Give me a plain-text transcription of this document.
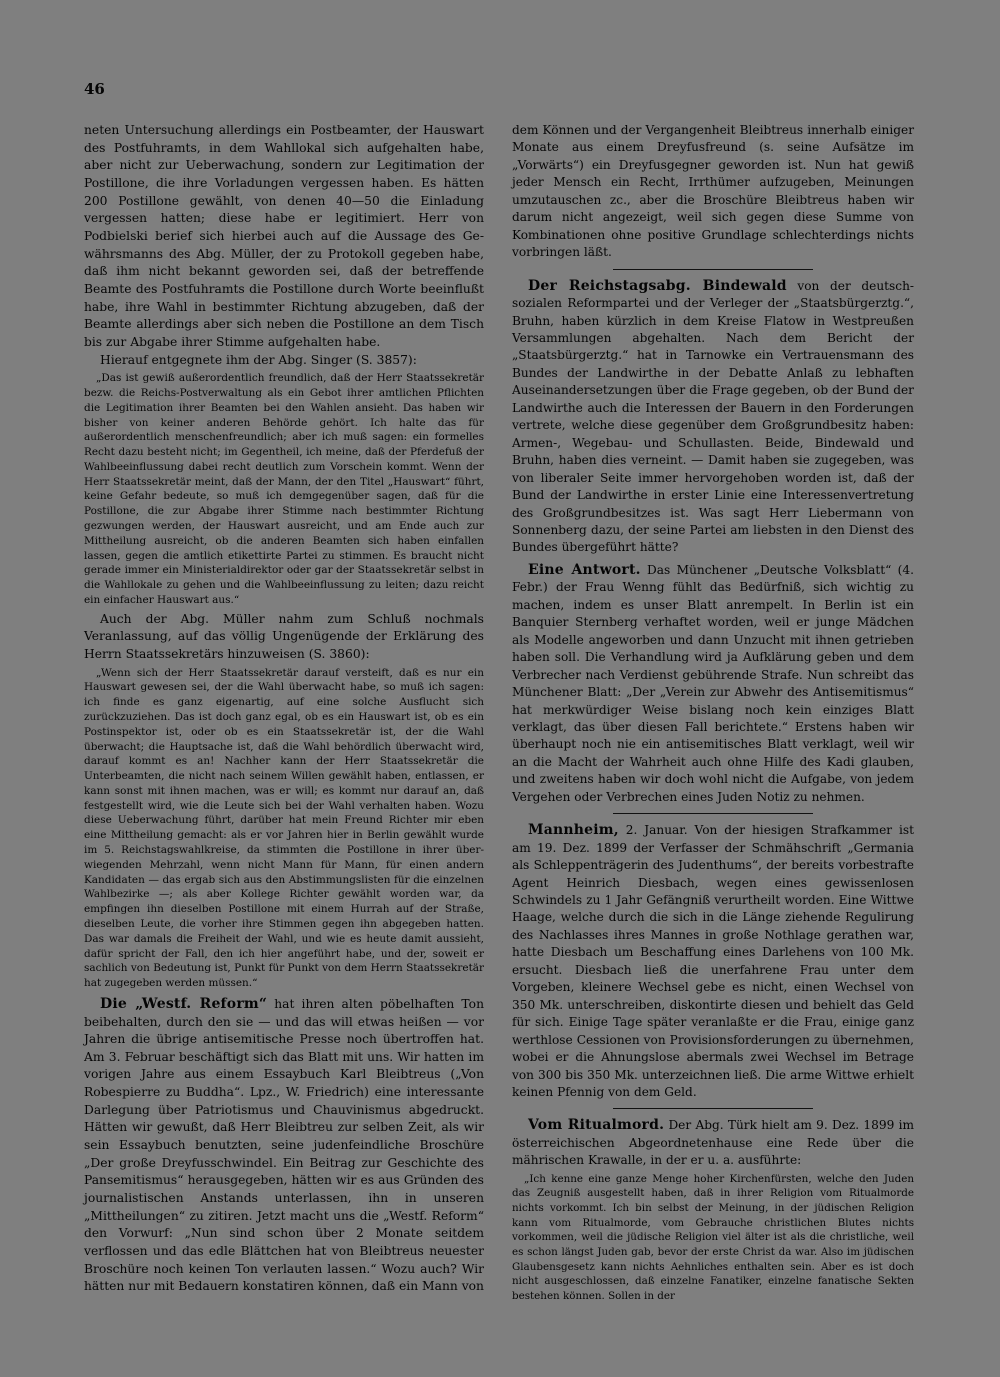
46

neten Untersuchung allerdings ein Postbeamter, der Hauswart des Postfuhramts, in dem Wahllokal sich aufgehalten habe, aber nicht zur Ueberwachung, sondern zur Legitimation der Postillone, die ihre Vorladungen vergessen haben. Es hätten 200 Postillone gewählt, von denen 40—50 die Einladung vergessen hatten; diese habe er legitimiert. Herr von Podbielski berief sich hierbei auch auf die Aussage des Gewährsmanns des Abg. Müller, der zu Protokoll gegeben habe, daß ihm nicht bekannt geworden sei, daß der betreffende Beamte des Postfuhramts die Postillone durch Worte beeinflußt habe, ihre Wahl in bestimmter Richtung abzugeben, daß der Beamte allerdings aber sich neben die Postillone an dem Tisch bis zur Abgabe ihrer Stimme aufgehalten habe.

Hierauf entgegnete ihm der Abg. Singer (S. 3857):

„Das ist gewiß außerordentlich freundlich, daß der Herr Staatssekretär bezw. die Reichs-Postverwaltung als ein Gebot ihrer amtlichen Pflichten die Legitimation ihrer Beamten bei den Wahlen ansieht. Das haben wir bisher von keiner anderen Behörde gehört. Ich halte das für außerordentlich menschenfreundlich; aber ich muß sagen: ein formelles Recht dazu besteht nicht; im Gegentheil, ich meine, daß der Pferdefuß der Wahlbeeinflussung dabei recht deutlich zum Vorschein kommt. Wenn der Herr Staatssekretär meint, daß der Mann, der den Titel „Hauswart“ führt, keine Gefahr bedeute, so muß ich demgegenüber sagen, daß für die Postillone, die zur Abgabe ihrer Stimme nach bestimmter Richtung gezwungen werden, der Hauswart ausreicht, und am Ende auch zur Mittheilung ausreicht, ob die anderen Beamten sich haben einfallen lassen, gegen die amtlich etikettirte Partei zu stimmen. Es braucht nicht gerade immer ein Ministerialdirektor oder gar der Staatssekretär selbst in die Wahllokale zu gehen und die Wahlbeeinflussung zu leiten; dazu reicht ein einfacher Hauswart aus.“

Auch der Abg. Müller nahm zum Schluß nochmals Veranlassung, auf das völlig Ungenügende der Erklärung des Herrn Staatssekretärs hinzuweisen (S. 3860):

„Wenn sich der Herr Staatssekretär darauf versteift, daß es nur ein Hauswart gewesen sei, der die Wahl überwacht habe, so muß ich sagen: ich finde es ganz eigenartig, auf eine solche Ausflucht sich zurückzuziehen. Das ist doch ganz egal, ob es ein Hauswart ist, ob es ein Postinspektor ist, oder ob es ein Staatssekretär ist, der die Wahl überwacht; die Hauptsache ist, daß die Wahl behördlich überwacht wird, darauf kommt es an! Nachher kann der Herr Staatssekretär die Unterbeamten, die nicht nach seinem Willen gewählt haben, entlassen, er kann sonst mit ihnen machen, was er will; es kommt nur darauf an, daß festgestellt wird, wie die Leute sich bei der Wahl verhalten haben. Wozu diese Ueberwachung führt, darüber hat mein Freund Richter mir eben eine Mittheilung gemacht: als er vor Jahren hier in Berlin gewählt wurde im 5. Reichstagswahlkreise, da stimmten die Postillone in ihrer überwiegenden Mehrzahl, wenn nicht Mann für Mann, für einen andern Kandidaten — das ergab sich aus den Abstimmungslisten für die einzelnen Wahlbezirke —; als aber Kollege Richter gewählt worden war, da empfingen ihn dieselben Postillone mit einem Hurrah auf der Straße, dieselben Leute, die vorher ihre Stimmen gegen ihn abgegeben hatten. Das war damals die Freiheit der Wahl, und wie es heute damit aussieht, dafür spricht der Fall, den ich hier angeführt habe, und der, soweit er sachlich von Bedeutung ist, Punkt für Punkt von dem Herrn Staatssekretär hat zugegeben werden müssen.“

Die „Westf. Reform“ hat ihren alten pöbelhaften Ton beibehalten, durch den sie — und das will etwas heißen — vor Jahren die übrige antisemitische Presse noch übertroffen hat. Am 3. Februar beschäftigt sich das Blatt mit uns. Wir hatten im vorigen Jahre aus einem Essaybuch Karl Bleibtreus („Von Robespierre zu Buddha“. Lpz., W. Friedrich) eine interessante Darlegung über Patriotismus und Chauvinismus abgedruckt. Hätten wir gewußt, daß Herr Bleibtreu zur selben Zeit, als wir sein Essaybuch benutzten, seine judenfeindliche Broschüre „Der große Dreyfusschwindel. Ein Beitrag zur Geschichte des Pansemitismus“ herausgegeben, hätten wir es aus Gründen des journalistischen Anstands unterlassen, ihn in unseren „Mittheilungen“ zu zitiren. Jetzt macht uns die „Westf. Reform“ den Vorwurf: „Nun sind schon über 2 Monate seitdem verflossen und das edle Blättchen hat von Bleibtreus neuester Broschüre noch keinen Ton verlauten lassen.“ Wozu auch? Wir hätten nur mit Bedauern konstatiren können, daß ein Mann von

dem Können und der Vergangenheit Bleibtreus innerhalb einiger Monate aus einem Dreyfusfreund (s. seine Aufsätze im „Vorwärts“) ein Dreyfusgegner geworden ist. Nun hat gewiß jeder Mensch ein Recht, Irrthümer aufzugeben, Meinungen umzutauschen zc., aber die Broschüre Bleibtreus haben wir darum nicht angezeigt, weil sich gegen diese Summe von Kombinationen ohne positive Grundlage schlechterdings nichts vorbringen läßt.

Der Reichstagsabg. Bindewald von der deutschsozialen Reformpartei und der Verleger der „Staatsbürgerztg.“, Bruhn, haben kürzlich in dem Kreise Flatow in Westpreußen Versammlungen abgehalten. Nach dem Bericht der „Staatsbürgerztg.“ hat in Tarnowke ein Vertrauensmann des Bundes der Landwirthe in der Debatte Anlaß zu lebhaften Auseinandersetzungen über die Frage gegeben, ob der Bund der Landwirthe auch die Interessen der Bauern in den Forderungen vertrete, welche diese gegenüber dem Großgrundbesitz haben: Armen-, Wegebau- und Schullasten. Beide, Bindewald und Bruhn, haben dies verneint. — Damit haben sie zugegeben, was von liberaler Seite immer hervorgehoben worden ist, daß der Bund der Landwirthe in erster Linie eine Interessenvertretung des Großgrundbesitzes ist. Was sagt Herr Liebermann von Sonnenberg dazu, der seine Partei am liebsten in den Dienst des Bundes übergeführt hätte?

Eine Antwort. Das Münchener „Deutsche Volksblatt“ (4. Febr.) der Frau Wenng fühlt das Bedürfniß, sich wichtig zu machen, indem es unser Blatt anrempelt. In Berlin ist ein Banquier Sternberg verhaftet worden, weil er junge Mädchen als Modelle angeworben und dann Unzucht mit ihnen getrieben haben soll. Die Verhandlung wird ja Aufklärung geben und dem Verbrecher nach Verdienst gebührende Strafe. Nun schreibt das Münchener Blatt: „Der „Verein zur Abwehr des Antisemitismus“ hat merkwürdiger Weise bislang noch kein einziges Blatt verklagt, das über diesen Fall berichtete.“ Erstens haben wir überhaupt noch nie ein antisemitisches Blatt verklagt, weil wir an die Macht der Wahrheit auch ohne Hilfe des Kadi glauben, und zweitens haben wir doch wohl nicht die Aufgabe, von jedem Vergehen oder Verbrechen eines Juden Notiz zu nehmen.

Mannheim, 2. Januar. Von der hiesigen Strafkammer ist am 19. Dez. 1899 der Verfasser der Schmähschrift „Germania als Schleppenträgerin des Judenthums“, der bereits vorbestrafte Agent Heinrich Diesbach, wegen eines gewissenlosen Schwindels zu 1 Jahr Gefängniß verurtheilt worden. Eine Wittwe Haage, welche durch die sich in die Länge ziehende Regulirung des Nachlasses ihres Mannes in große Nothlage gerathen war, hatte Diesbach um Beschaffung eines Darlehens von 100 Mk. ersucht. Diesbach ließ die unerfahrene Frau unter dem Vorgeben, kleinere Wechsel gebe es nicht, einen Wechsel von 350 Mk. unterschreiben, diskontirte diesen und behielt das Geld für sich. Einige Tage später veranlaßte er die Frau, einige ganz werthlose Cessionen von Provisionsforderungen zu übernehmen, wobei er die Ahnungslose abermals zwei Wechsel im Betrage von 300 bis 350 Mk. unterzeichnen ließ. Die arme Wittwe erhielt keinen Pfennig von dem Geld.

Vom Ritualmord. Der Abg. Türk hielt am 9. Dez. 1899 im österreichischen Abgeordnetenhause eine Rede über die mährischen Krawalle, in der er u. a. ausführte:

„Ich kenne eine ganze Menge hoher Kirchenfürsten, welche den Juden das Zeugniß ausgestellt haben, daß in ihrer Religion vom Ritualmorde nichts vorkommt. Ich bin selbst der Meinung, in der jüdischen Religion kann vom Ritualmorde, vom Gebrauche christlichen Blutes nichts vorkommen, weil die jüdische Religion viel älter ist als die christliche, weil es schon längst Juden gab, bevor der erste Christ da war. Also im jüdischen Glaubensgesetz kann nichts Aehnliches enthalten sein. Aber es ist doch nicht ausgeschlossen, daß einzelne Fanatiker, einzelne fanatische Sekten bestehen können. Sollen in der
